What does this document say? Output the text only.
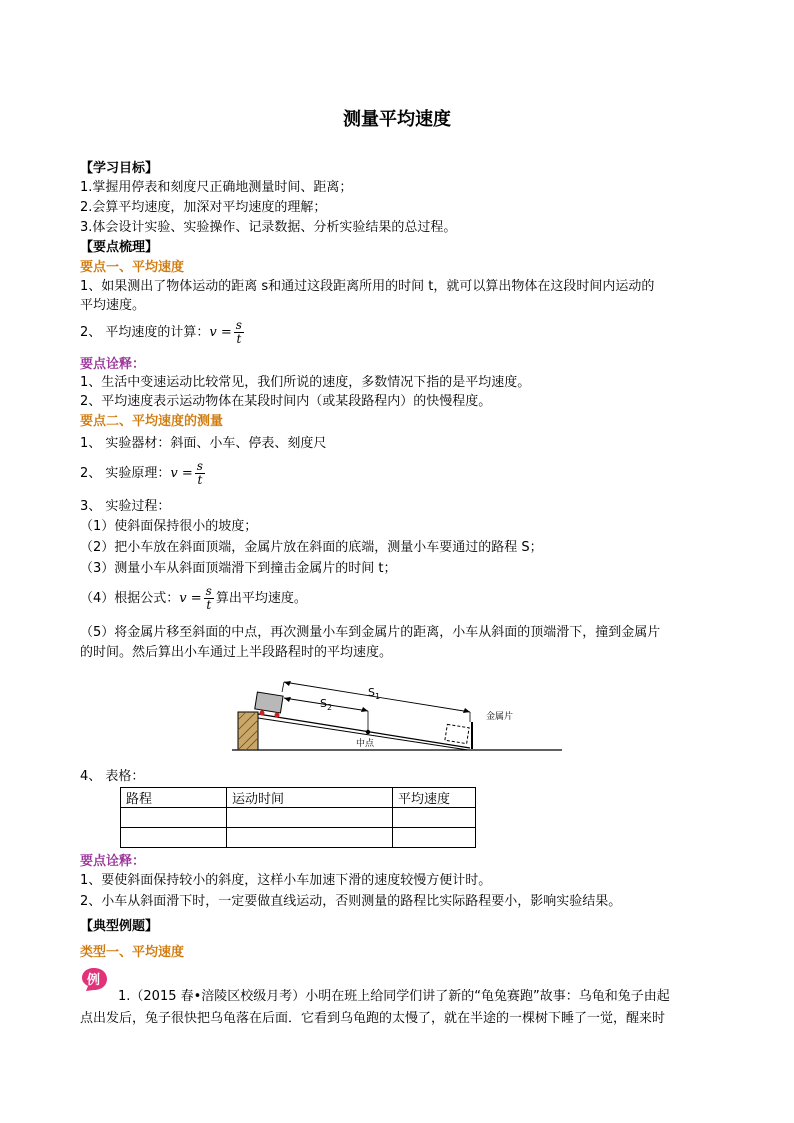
测量平均速度
【学习目标】
1.掌握用停表和刻度尺正确地测量时间、距离；
2.会算平均速度，加深对平均速度的理解；
3.体会设计实验、实验操作、记录数据、分析实验结果的总过程。
【要点梳理】
要点一、平均速度
1、如果测出了物体运动的距离 s和通过这段距离所用的时间 t，就可以算出物体在这段时间内运动的
平均速度。
2、 平均速度的计算：$v = \frac{s}{t}$
要点诠释：
1、生活中变速运动比较常见，我们所说的速度，多数情况下指的是平均速度。
2、平均速度表示运动物体在某段时间内（或某段路程内）的快慢程度。
要点二、平均速度的测量
1、 实验器材：斜面、小车、停表、刻度尺
2、 实验原理：$v = \frac{s}{t}$
3、 实验过程：
（1）使斜面保持很小的坡度；
（2）把小车放在斜面顶端，金属片放在斜面的底端，测量小车要通过的路程 S；
（3）测量小车从斜面顶端滑下到撞击金属片的时间 t；
（4）根据公式：$v = \frac{s}{t}$ 算出平均速度。
（5）将金属片移至斜面的中点，再次测量小车到金属片的距离，小车从斜面的顶端滑下，撞到金属片
的时间。然后算出小车通过上半段路程时的平均速度。
$S_1$
$S_2$
中点
金属片
4、 表格：
路程	运动时间	平均速度

要点诠释：
1、要使斜面保持较小的斜度，这样小车加速下滑的速度较慢方便计时。
2、小车从斜面滑下时，一定要做直线运动，否则测量的路程比实际路程要小，影响实验结果。
【典型例题】
类型一、平均速度
例
1.（2015 春•涪陵区校级月考）小明在班上给同学们讲了新的“龟兔赛跑”故事：乌龟和兔子由起
点出发后，兔子很快把乌龟落在后面．它看到乌龟跑的太慢了，就在半途的一棵树下睡了一觉，醒来时
